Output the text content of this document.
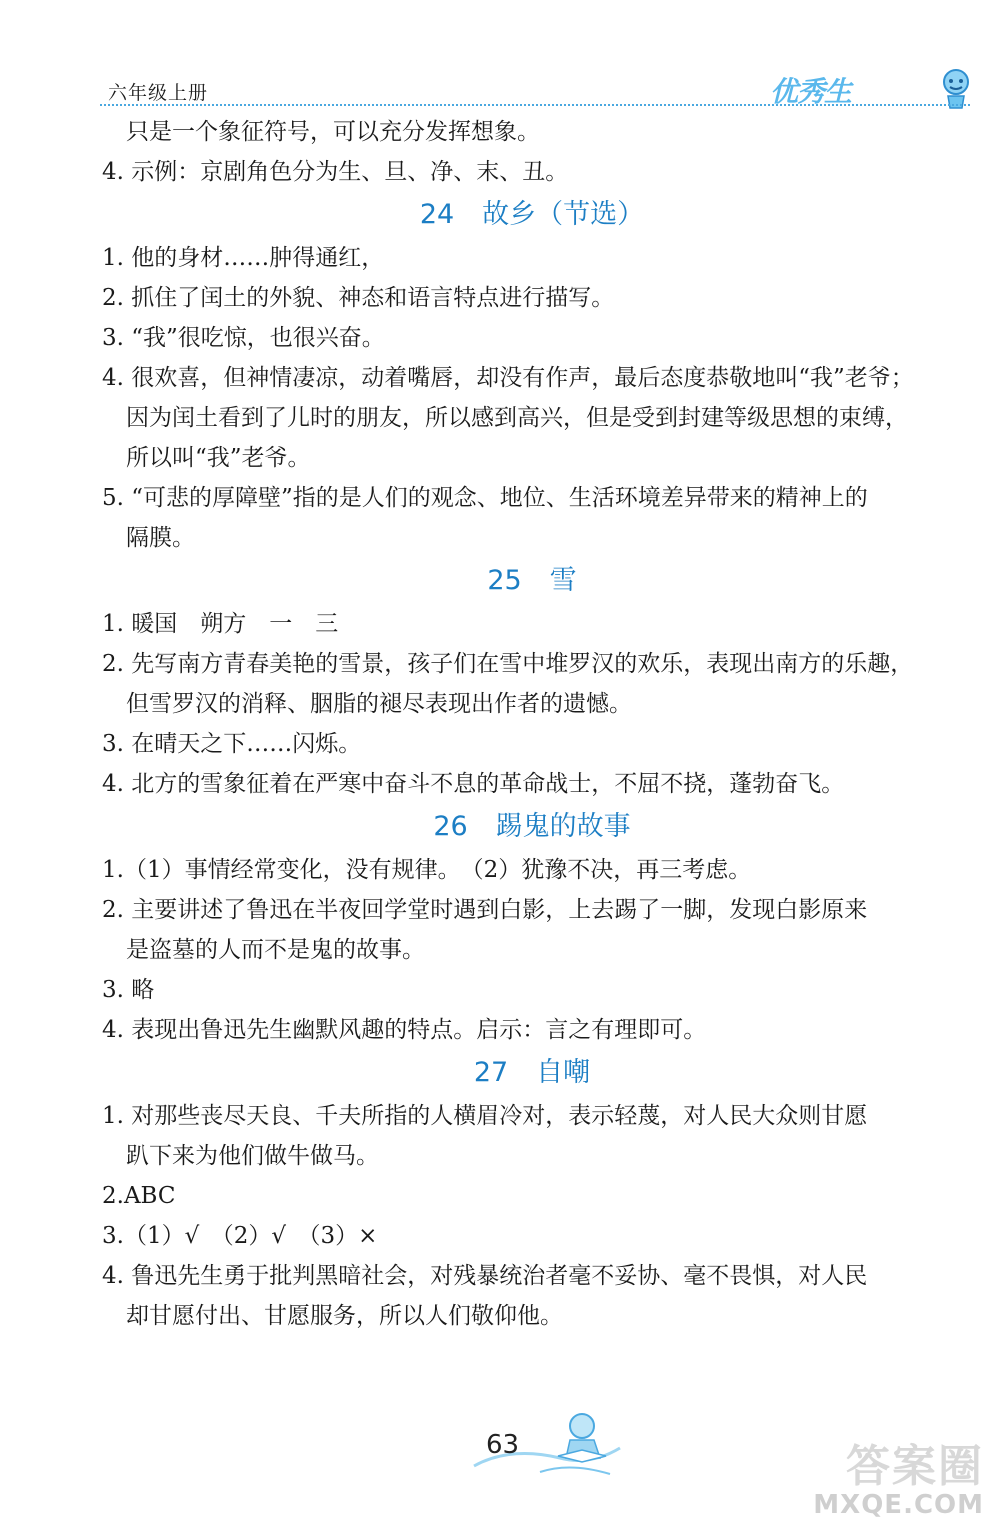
六年级上册	优秀生
只是一个象征符号，可以充分发挥想象。
4. 示例：京剧角色分为生、旦、净、末、丑。
24 故乡（节选）
1. 他的身材……肿得通红，
2. 抓住了闰土的外貌、神态和语言特点进行描写。
3. “我”很吃惊，也很兴奋。
4. 很欢喜，但神情凄凉，动着嘴唇，却没有作声，最后态度恭敬地叫“我”老爷；
因为闰土看到了儿时的朋友，所以感到高兴，但是受到封建等级思想的束缚，
所以叫“我”老爷。
5. “可悲的厚障壁”指的是人们的观念、地位、生活环境差异带来的精神上的
隔膜。
25 雪
1. 暖国　朔方　一　三
2. 先写南方青春美艳的雪景，孩子们在雪中堆罗汉的欢乐，表现出南方的乐趣，
但雪罗汉的消释、胭脂的褪尽表现出作者的遗憾。
3. 在晴天之下……闪烁。
4. 北方的雪象征着在严寒中奋斗不息的革命战士，不屈不挠，蓬勃奋飞。
26 踢鬼的故事
1.（1）事情经常变化，没有规律。　（2）犹豫不决，再三考虑。
2. 主要讲述了鲁迅在半夜回学堂时遇到白影，上去踢了一脚，发现白影原来
是盗墓的人而不是鬼的故事。
3. 略
4. 表现出鲁迅先生幽默风趣的特点。启示：言之有理即可。
27 自嘲
1. 对那些丧尽天良、千夫所指的人横眉冷对，表示轻蔑，对人民大众则甘愿
趴下来为他们做牛做马。
2.ABC
3.（1）√　（2）√　（3）×
4. 鲁迅先生勇于批判黑暗社会，对残暴统治者毫不妥协、毫不畏惧，对人民
却甘愿付出、甘愿服务，所以人们敬仰他。
63	答案圈
MXQE.COM
